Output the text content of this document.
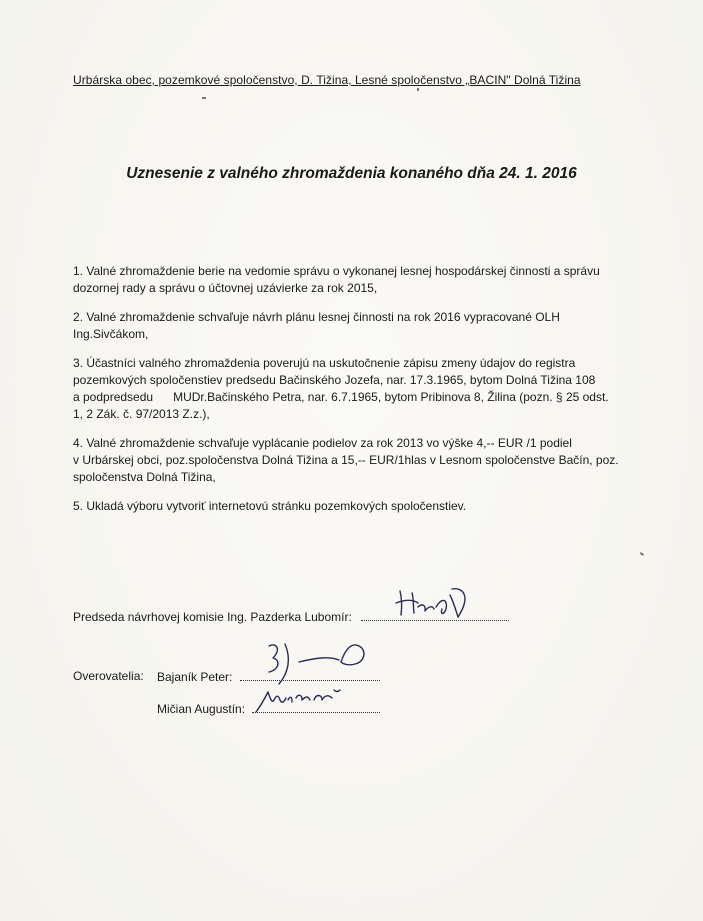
Urbárska obec, pozemkové spoločenstvo, D. Tižina, Lesné spoločenstvo „BACIN" Dolná Tižina
Uznesenie z valného zhromaždenia konaného dňa 24. 1. 2016
1. Valné zhromaždenie berie na vedomie správu o vykonanej lesnej hospodárskej činnosti a správu
dozornej rady a správu o účtovnej uzávierke za rok 2015,
2. Valné zhromaždenie schvaľuje návrh plánu lesnej činnosti na rok 2016 vypracované OLH
Ing.Sivčákom,
3. Účastníci valného zhromaždenia poverujú na uskutočnenie zápisu zmeny údajov do registra
pozemkových spoločenstiev predsedu Bačinského Jozefa, nar. 17.3.1965, bytom Dolná Tižina 108
a podpredsedu      MUDr.Bačinského Petra, nar. 6.7.1965, bytom Pribinova 8, Žilina (pozn. § 25 odst.
1, 2 Zák. č. 97/2013 Z.z.),
4. Valné zhromaždenie schvaľuje vyplácanie podielov za rok 2013 vo výške 4,-- EUR /1 podiel
v Urbárskej obci, poz.spoločenstva Dolná Tižina a 15,-- EUR/1hlas v Lesnom spoločenstve Bačín, poz.
spoločenstva Dolná Tižina,
5. Ukladá výboru vytvoriť internetovú stránku pozemkových spoločenstiev.
Predseda návrhovej komisie Ing. Pazderka Lubomír:
Overovatelia: Bajaník Peter:
Mičian Augustín:
